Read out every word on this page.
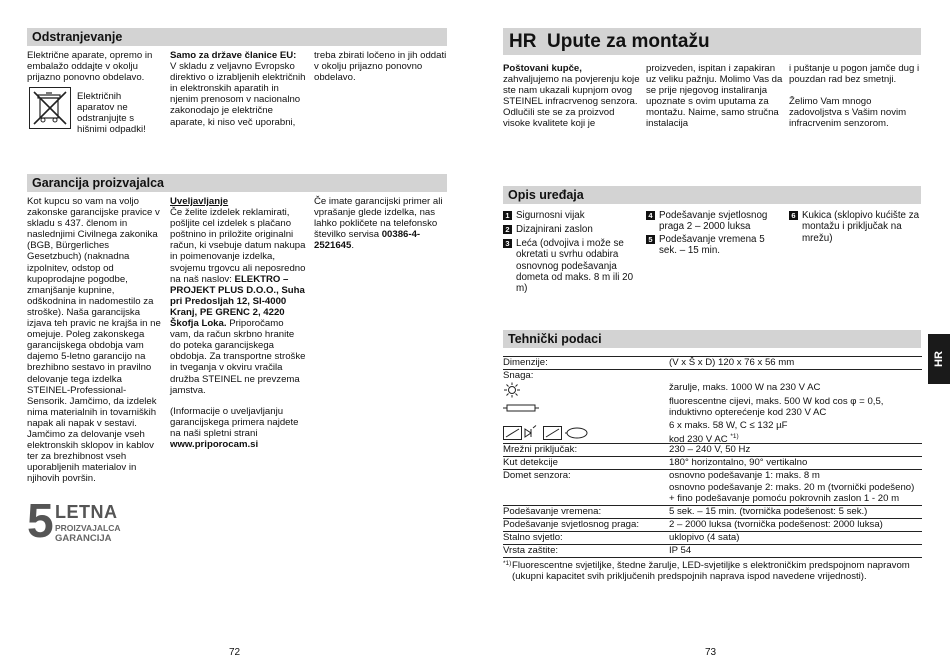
Odstranjevanje

Električne aparate, opremo in embalažo oddajte v okolju prijazno ponovno obdelavo.

Električnih aparatov ne odstranjujte s hišnimi odpadki!

Samo za države članice EU:

V skladu z veljavno Evropsko direktivo o izrabljenih električnih in elektronskih aparatih in njenim prenosom v nacionalno zakonodajo je električne aparate, ki niso več uporabni,

treba zbirati ločeno in jih oddati v okolju prijazno ponovno obdelavo.

Garancija proizvajalca

Kot kupcu so vam na voljo zakonske garancijske pravice v skladu s 437. členom in naslednjimi Civilnega zakonika (BGB, Bürgerliches Gesetzbuch) (naknadna izpolnitev, odstop od kupoprodajne pogodbe, zmanjšanje kupnine, odškodnina in nadomestilo za stroške). Naša garancijska izjava teh pravic ne krajša in ne omejuje. Poleg zakonskega garancijskega obdobja vam dajemo 5-letno garancijo na brezhibno sestavo in pravilno delovanje tega izdelka STEINEL-Professional-Sensorik. Jamčimo, da izdelek nima materialnih in tovarniških napak ali napak v sestavi. Jamčimo za delovanje vseh elektronskih sklopov in kablov ter za brezhibnost vseh uporabljenih materialov in njihovih površin.

Uveljavljanje

Če želite izdelek reklamirati, pošljite cel izdelek s plačano poštnino in priložite originalni račun, ki vsebuje datum nakupa in poimenovanje izdelka, svojemu trgovcu ali neposredno na naš naslov: ELEKTRO – PROJEKT PLUS D.O.O., Suha pri Predosljah 12, SI-4000 Kranj, PE GRENC 2, 4220 Škofja Loka. Priporočamo vam, da račun skrbno hranite do poteka garancijskega obdobja. Za transportne stroške in tveganja v okviru vračila družba STEINEL ne prevzema jamstva.

(Informacije o uveljavljanju garancijskega primera najdete na naši spletni strani www.priporocam.si

Če imate garancijski primer ali vprašanje glede izdelka, nas lahko pokličete na telefonsko številko servisa 00386-4-2521645.

5 LETNA
PROIZVAJALCA
GARANCIJA
72
HR Upute za montažu

Poštovani kupče,

zahvaljujemo na povjerenju koje ste nam ukazali kupnjom ovog STEINEL infracrvenog senzora. Odlučili ste se za proizvod visoke kvalitete koji je

proizveden, ispitan i zapakiran uz veliku pažnju. Molimo Vas da se prije njegovog instaliranja upoznate s ovim uputama za montažu. Naime, samo stručna instalacija

i puštanje u pogon jamče dug i pouzdan rad bez smetnji.

Želimo Vam mnogo zadovoljstva s Vašim novim infracrvenim senzorom.

Opis uređaja
1 Sigurnosni vijak
2 Dizajnirani zaslon
3 Leća (odvojiva i može se okretati u svrhu odabira osnovnog podešavanja dometa od maks. 8 m ili 20 m)
4 Podešavanje svjetlosnog praga 2 – 2000 luksa
5 Podešavanje vremena 5 sek. – 15 min.
6 Kukica (sklopivo kućište za montažu i priključak na mrežu)
Tehnički podaci
Dimenzije:	(V x Š x D) 120 x 76 x 56 mm
Snaga:
žarulje, maks. 1000 W na 230 V AC
fluorescentne cijevi, maks. 500 W kod cos φ = 0,5,
induktivno opterećenje kod 230 V AC
6 x maks. 58 W, C ≤ 132 µF
kod 230 V AC $^{*1)}$
Mrežni priključak:	230 – 240 V, 50 Hz
Kut detekcije	180° horizontalno, 90° vertikalno
Domet senzora:	osnovno podešavanje 1: maks. 8 m
osnovno podešavanje 2: maks. 20 m (tvornički podešeno)
+ fino podešavanje pomoću pokrovnih zaslon 1 - 20 m
Podešavanje vremena:	5 sek. – 15 min. (tvornička podešenost: 5 sek.)
Podešavanje svjetlosnog praga:	2 – 2000 luksa (tvornička podešenost: 2000 luksa)
Stalno svjetlo:	uklopivo (4 sata)
Vrsta zaštite:	IP 54
*1) Fluorescentne svjetiljke, štedne žarulje, LED-svjetiljke s elektroničkim predspojnom napravom (ukupni kapacitet svih priključenih predspojnih naprava ispod navedene vrijednosti).
HR
73
